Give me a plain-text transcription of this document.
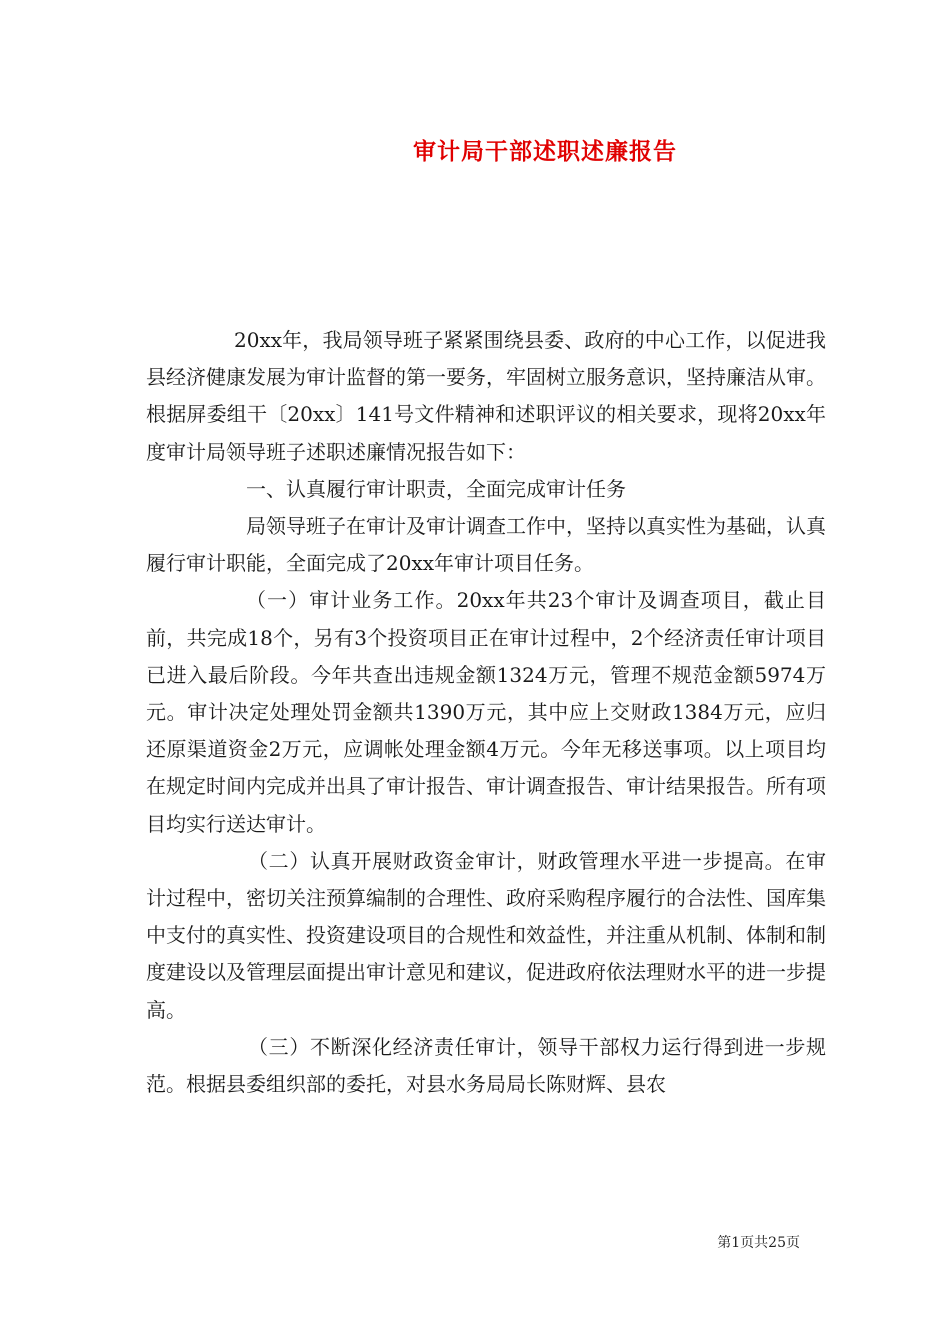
审计局干部述职述廉报告

20xx年，我局领导班子紧紧围绕县委、政府的中心工作，以促进我县经济健康发展为审计监督的第一要务，牢固树立服务意识，坚持廉洁从审。根据屏委组干〔20xx〕141号文件精神和述职评议的相关要求，现将20xx年度审计局领导班子述职述廉情况报告如下：

一、认真履行审计职责，全面完成审计任务

局领导班子在审计及审计调查工作中，坚持以真实性为基础，认真履行审计职能，全面完成了20xx年审计项目任务。

（一）审计业务工作。20xx年共23个审计及调查项目，截止目前，共完成18个，另有3个投资项目正在审计过程中，2个经济责任审计项目已进入最后阶段。今年共查出违规金额1324万元，管理不规范金额5974万元。审计决定处理处罚金额共1390万元，其中应上交财政1384万元，应归还原渠道资金2万元，应调帐处理金额4万元。今年无移送事项。以上项目均在规定时间内完成并出具了审计报告、审计调查报告、审计结果报告。所有项目均实行送达审计。

（二）认真开展财政资金审计，财政管理水平进一步提高。在审计过程中，密切关注预算编制的合理性、政府采购程序履行的合法性、国库集中支付的真实性、投资建设项目的合规性和效益性，并注重从机制、体制和制度建设以及管理层面提出审计意见和建议，促进政府依法理财水平的进一步提高。

（三）不断深化经济责任审计，领导干部权力运行得到进一步规范。根据县委组织部的委托，对县水务局局长陈财辉、县农

第1页共25页
